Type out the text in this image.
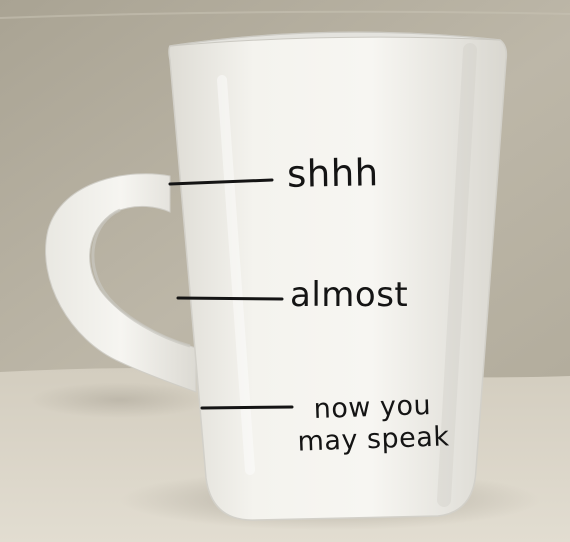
shhh
almost
now you
may speak
